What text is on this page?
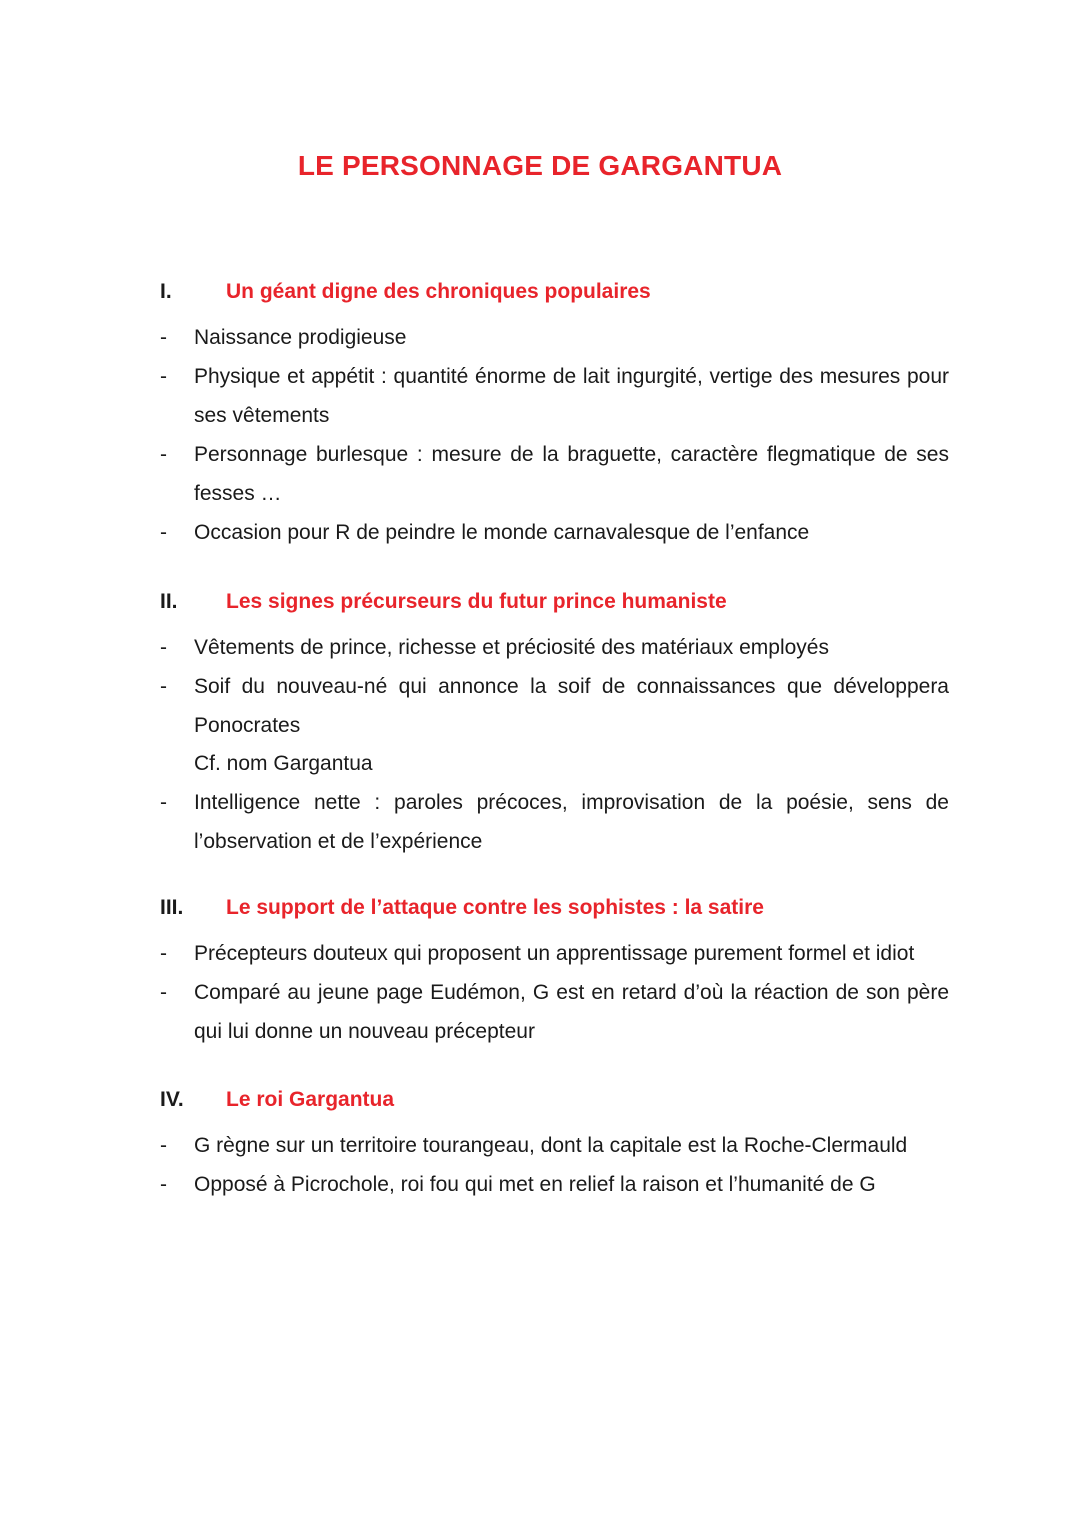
LE PERSONNAGE DE GARGANTUA
I.	Un géant digne des chroniques populaires
-	Naissance prodigieuse
-	Physique et appétit : quantité énorme de lait ingurgité, vertige des mesures pour ses vêtements
-	Personnage burlesque : mesure de la braguette, caractère flegmatique de ses fesses …
-	Occasion pour R de peindre le monde carnavalesque de l’enfance
II. Les signes précurseurs du futur prince humaniste
-	Vêtements de prince, richesse et préciosité des matériaux employés
-	Soif du nouveau-né qui annonce la soif de connaissances que développera Ponocrates
Cf. nom Gargantua
-	Intelligence nette : paroles précoces, improvisation de la poésie, sens de l’observation et de l’expérience
III. Le support de l’attaque contre les sophistes : la satire
-	Précepteurs douteux qui proposent un apprentissage purement formel et idiot
-	Comparé au jeune page Eudémon, G est en retard d’où la réaction de son père qui lui donne un nouveau précepteur
IV. Le roi Gargantua
-	G règne sur un territoire tourangeau, dont la capitale est la Roche-Clermauld
-	Opposé à Picrochole, roi fou qui met en relief la raison et l’humanité de G
